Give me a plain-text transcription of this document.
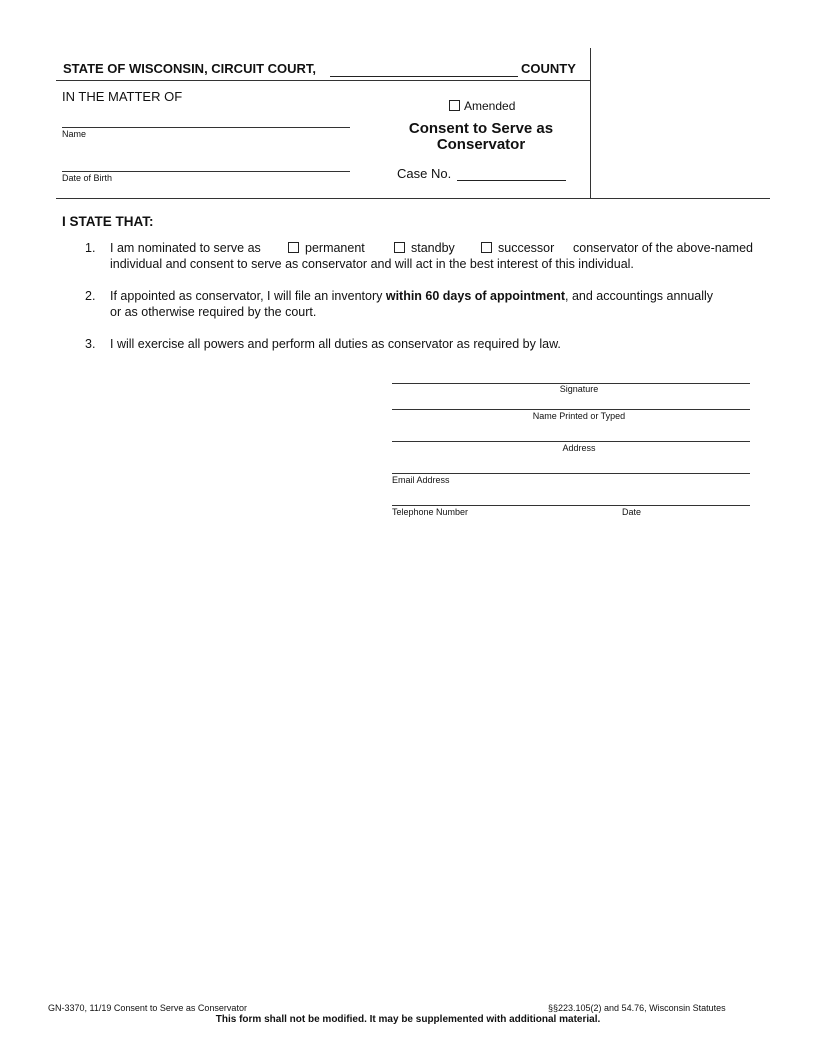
STATE OF WISCONSIN, CIRCUIT COURT,	COUNTY
IN THE MATTER OF
Name
Date of Birth
Amended
Consent to Serve as
Conservator
Case No.
I STATE THAT:
1. I am nominated to serve as	permanent	standby	successor conservator of the above-named
individual and consent to serve as conservator and will act in the best interest of this individual.
2. If appointed as conservator, I will file an inventory within 60 days of appointment, and accountings annually
or as otherwise required by the court.
3. I will exercise all powers and perform all duties as conservator as required by law.
Signature
Name Printed or Typed
Address
Email Address
Telephone Number	Date
GN-3370, 11/19 Consent to Serve as Conservator	§§223.105(2) and 54.76, Wisconsin Statutes
This form shall not be modified. It may be supplemented with additional material.
